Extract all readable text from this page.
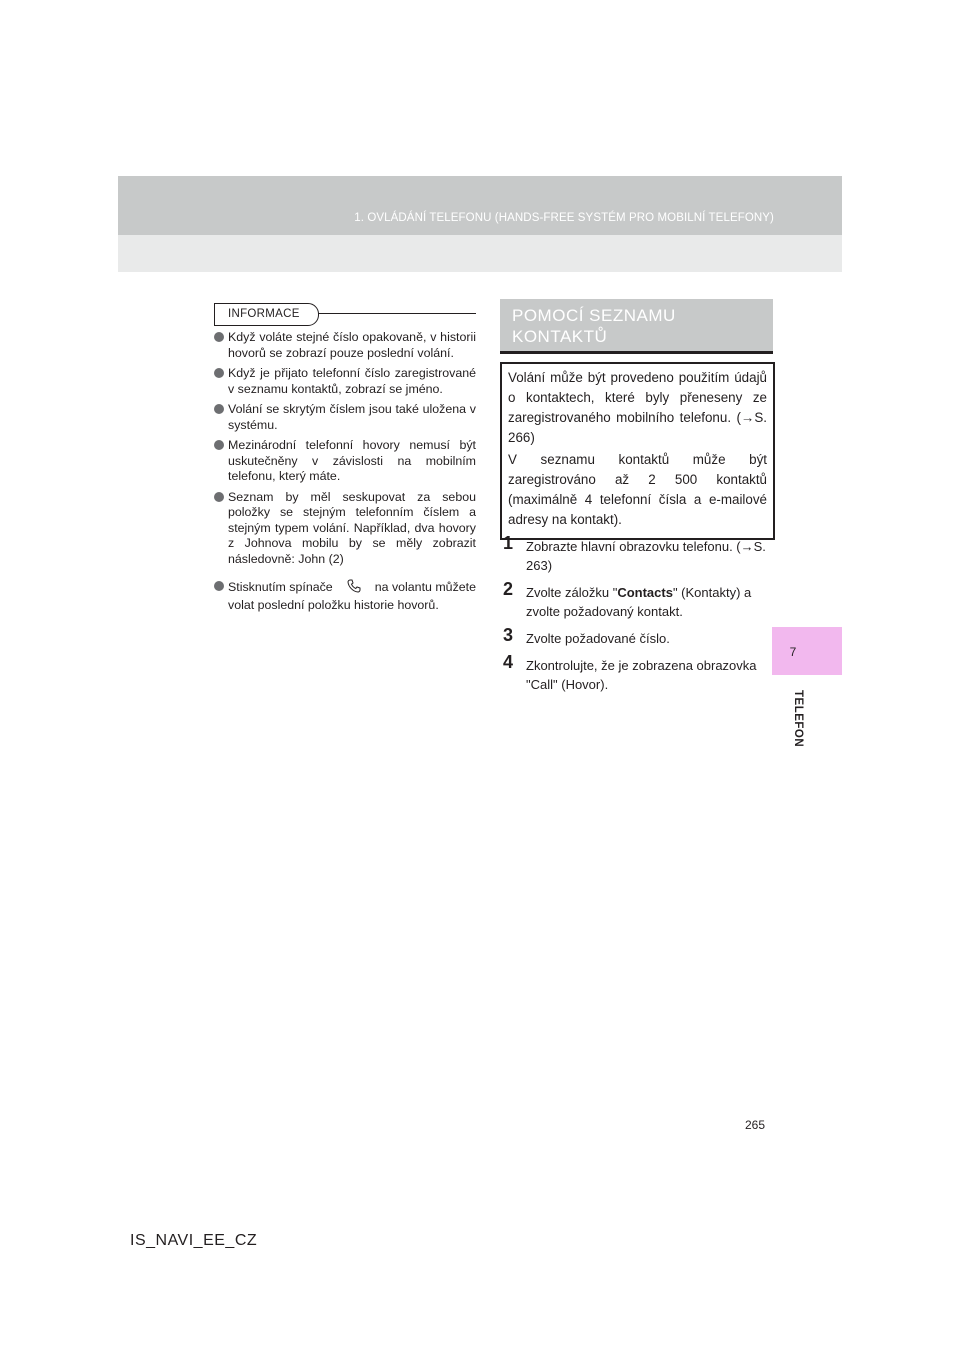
1. OVLÁDÁNÍ TELEFONU (HANDS-FREE SYSTÉM PRO MOBILNÍ TELEFONY)
7
TELEFON
INFORMACE
Když voláte stejné číslo opakovaně, v historii hovorů se zobrazí pouze poslední volání.
Když je přijato telefonní číslo zaregistrované v seznamu kontaktů, zobrazí se jméno.
Volání se skrytým číslem jsou také uložena v systému.
Mezinárodní telefonní hovory nemusí být uskutečněny v závislosti na mobilním telefonu, který máte.
Seznam by měl seskupovat za sebou položky se stejným telefonním číslem a stejným typem volání. Například, dva hovory z Johnova mobilu by se měly zobrazit následovně: John (2)
Stisknutím spínače	na volantu můžete volat poslední položku historie hovorů.
POMOCÍ SEZNAMU KONTAKTŮ

Volání může být provedeno použitím údajů o kontaktech, které byly přeneseny ze zaregistrovaného mobilního telefonu. (→S. 266)

V seznamu kontaktů může být zaregistrováno až 2 500 kontaktů (maximálně 4 telefonní čísla a e-mailové adresy na kontakt).

1 Zobrazte hlavní obrazovku telefonu. (→S. 263)
2 Zvolte záložku "Contacts" (Kontakty) a zvolte požadovaný kontakt.
3 Zvolte požadované číslo.
4 Zkontrolujte, že je zobrazena obrazovka "Call" (Hovor).
265
IS_NAVI_EE_CZ
